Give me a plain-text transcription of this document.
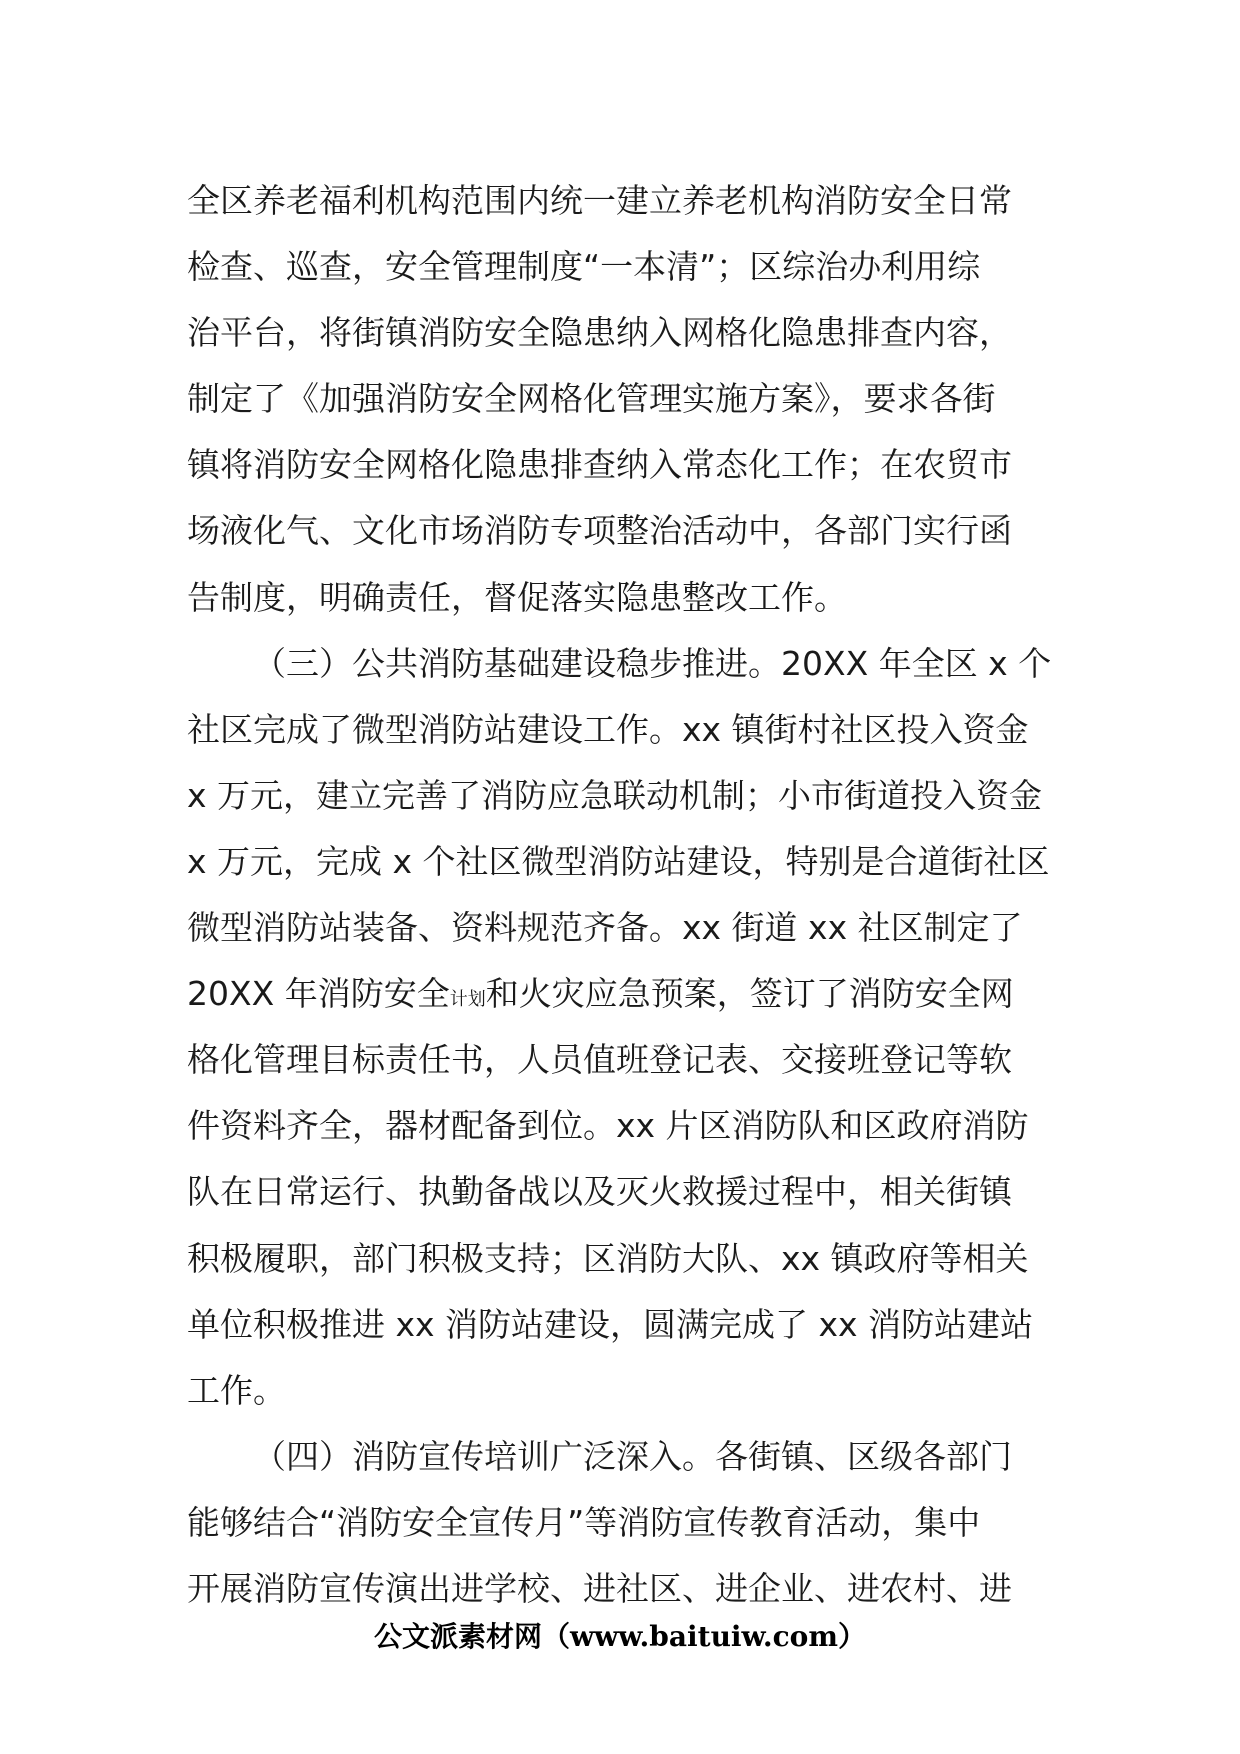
全区养老福利机构范围内统一建立养老机构消防安全日常
检查、巡查，安全管理制度“一本清”；区综治办利用综
治平台，将街镇消防安全隐患纳入网格化隐患排查内容，
制定了《加强消防安全网格化管理实施方案》，要求各街
镇将消防安全网格化隐患排查纳入常态化工作；在农贸市
场液化气、文化市场消防专项整治活动中，各部门实行函
告制度，明确责任，督促落实隐患整改工作。
（三）公共消防基础建设稳步推进。20XX 年全区 x 个
社区完成了微型消防站建设工作。xx 镇街村社区投入资金
x 万元，建立完善了消防应急联动机制；小市街道投入资金
x 万元，完成 x 个社区微型消防站建设，特别是合道街社区
微型消防站装备、资料规范齐备。xx 街道 xx 社区制定了
20XX 年消防安全计划和火灾应急预案，签订了消防安全网
格化管理目标责任书，人员值班登记表、交接班登记等软
件资料齐全，器材配备到位。xx 片区消防队和区政府消防
队在日常运行、执勤备战以及灭火救援过程中，相关街镇
积极履职，部门积极支持；区消防大队、xx 镇政府等相关
单位积极推进 xx 消防站建设，圆满完成了 xx 消防站建站
工作。
（四）消防宣传培训广泛深入。各街镇、区级各部门
能够结合“消防安全宣传月”等消防宣传教育活动，集中
开展消防宣传演出进学校、进社区、进企业、进农村、进
公文派素材网（www.baituiw.com）
